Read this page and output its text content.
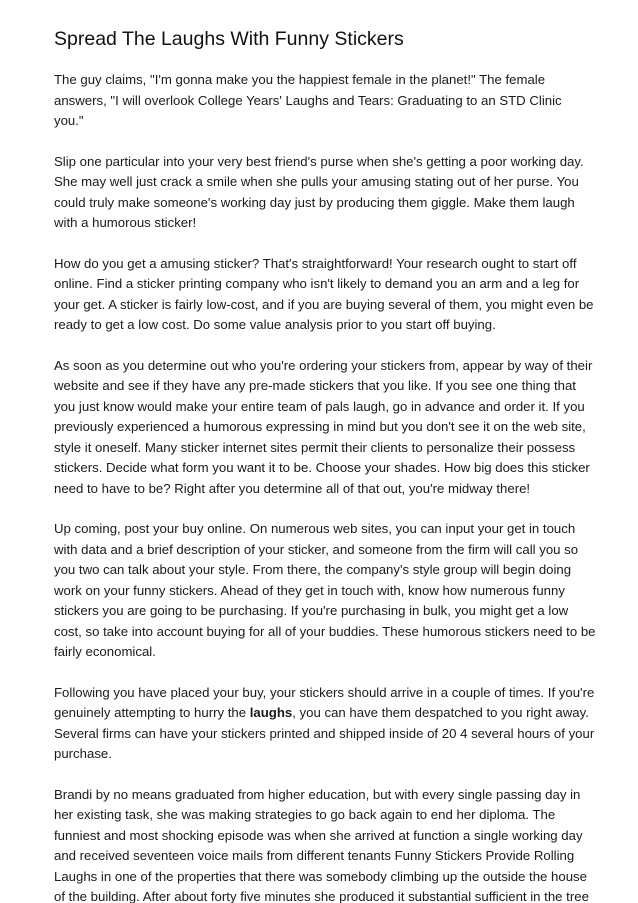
Spread The Laughs With Funny Stickers

The guy claims, "I'm gonna make you the happiest female in the planet!" The female
answers, "I will overlook College Years' Laughs and Tears: Graduating to an STD Clinic
you."

Slip one particular into your very best friend's purse when she's getting a poor working day.
She may well just crack a smile when she pulls your amusing stating out of her purse. You
could truly make someone's working day just by producing them giggle. Make them laugh
with a humorous sticker!

How do you get a amusing sticker? That's straightforward! Your research ought to start off
online. Find a sticker printing company who isn't likely to demand you an arm and a leg for
your get. A sticker is fairly low-cost, and if you are buying several of them, you might even be
ready to get a low cost. Do some value analysis prior to you start off buying.

As soon as you determine out who you're ordering your stickers from, appear by way of their
website and see if they have any pre-made stickers that you like. If you see one thing that
you just know would make your entire team of pals laugh, go in advance and order it. If you
previously experienced a humorous expressing in mind but you don't see it on the web site,
style it oneself. Many sticker internet sites permit their clients to personalize their possess
stickers. Decide what form you want it to be. Choose your shades. How big does this sticker
need to have to be? Right after you determine all of that out, you're midway there!

Up coming, post your buy online. On numerous web sites, you can input your get in touch
with data and a brief description of your sticker, and someone from the firm will call you so
you two can talk about your style. From there, the company's style group will begin doing
work on your funny stickers. Ahead of they get in touch with, know how numerous funny
stickers you are going to be purchasing. If you're purchasing in bulk, you might get a low
cost, so take into account buying for all of your buddies. These humorous stickers need to be
fairly economical.

Following you have placed your buy, your stickers should arrive in a couple of times. If you're
genuinely attempting to hurry the laughs, you can have them despatched to you right away.
Several firms can have your stickers printed and shipped inside of 20 4 several hours of your
purchase.

Brandi by no means graduated from higher education, but with every single passing day in
her existing task, she was making strategies to go back again to end her diploma. The
funniest and most shocking episode was when she arrived at function a single working day
and received seventeen voice mails from different tenants Funny Stickers Provide Rolling
Laughs in one of the properties that there was somebody climbing up the outside the house
of the building. After about forty five minutes she produced it substantial sufficient in the tree
